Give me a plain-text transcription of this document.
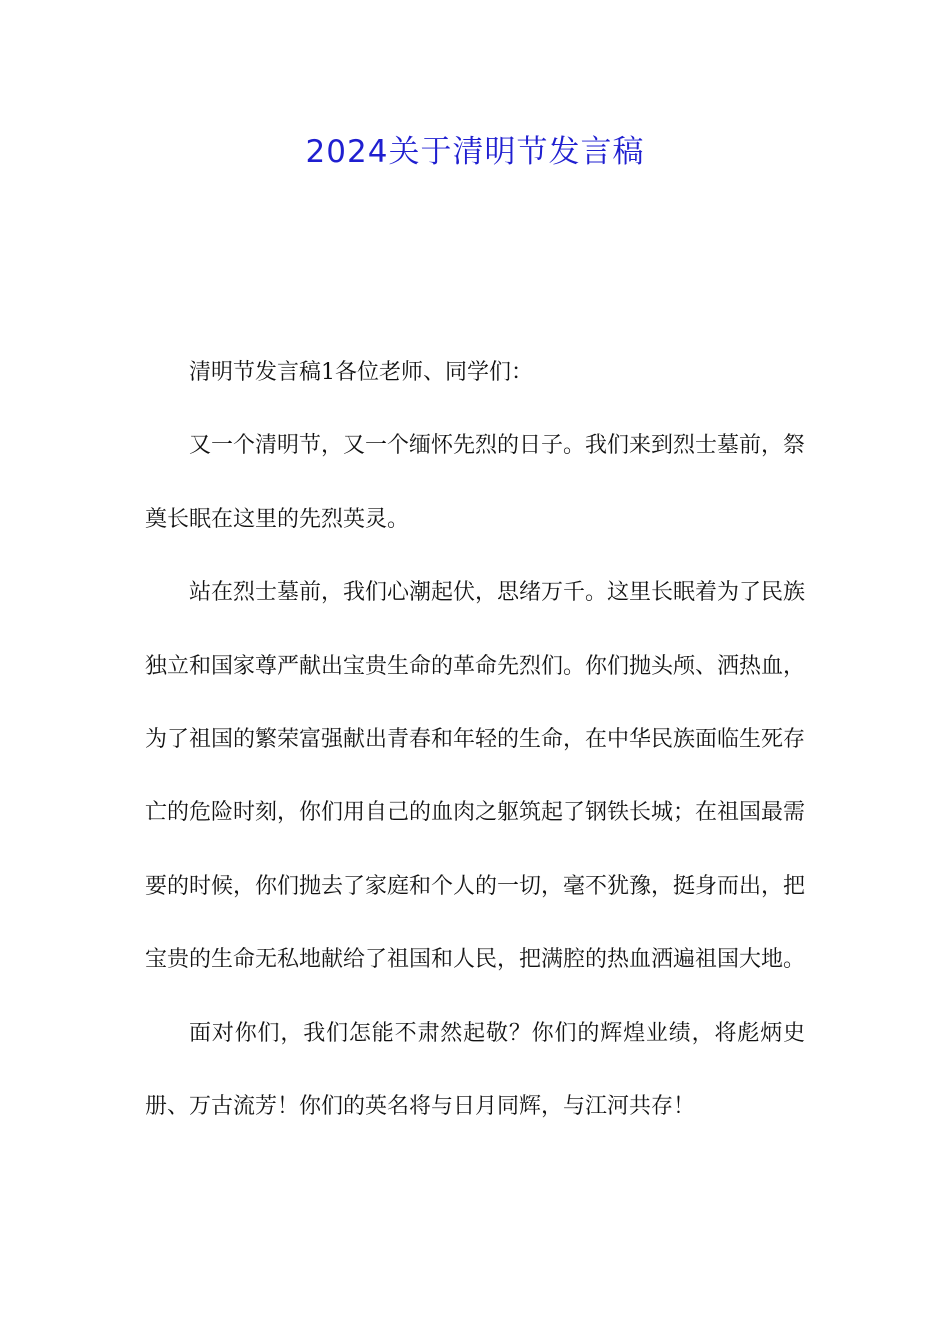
2024关于清明节发言稿

清明节发言稿1各位老师、同学们：

又一个清明节，又一个缅怀先烈的日子。我们来到烈士墓前，祭奠长眠在这里的先烈英灵。

站在烈士墓前，我们心潮起伏，思绪万千。这里长眠着为了民族独立和国家尊严献出宝贵生命的革命先烈们。你们抛头颅、洒热血，为了祖国的繁荣富强献出青春和年轻的生命，在中华民族面临生死存亡的危险时刻，你们用自己的血肉之躯筑起了钢铁长城；在祖国最需要的时候，你们抛去了家庭和个人的一切，毫不犹豫，挺身而出，把宝贵的生命无私地献给了祖国和人民，把满腔的热血洒遍祖国大地。

面对你们，我们怎能不肃然起敬？你们的辉煌业绩，将彪炳史册、万古流芳！你们的英名将与日月同辉，与江河共存！
